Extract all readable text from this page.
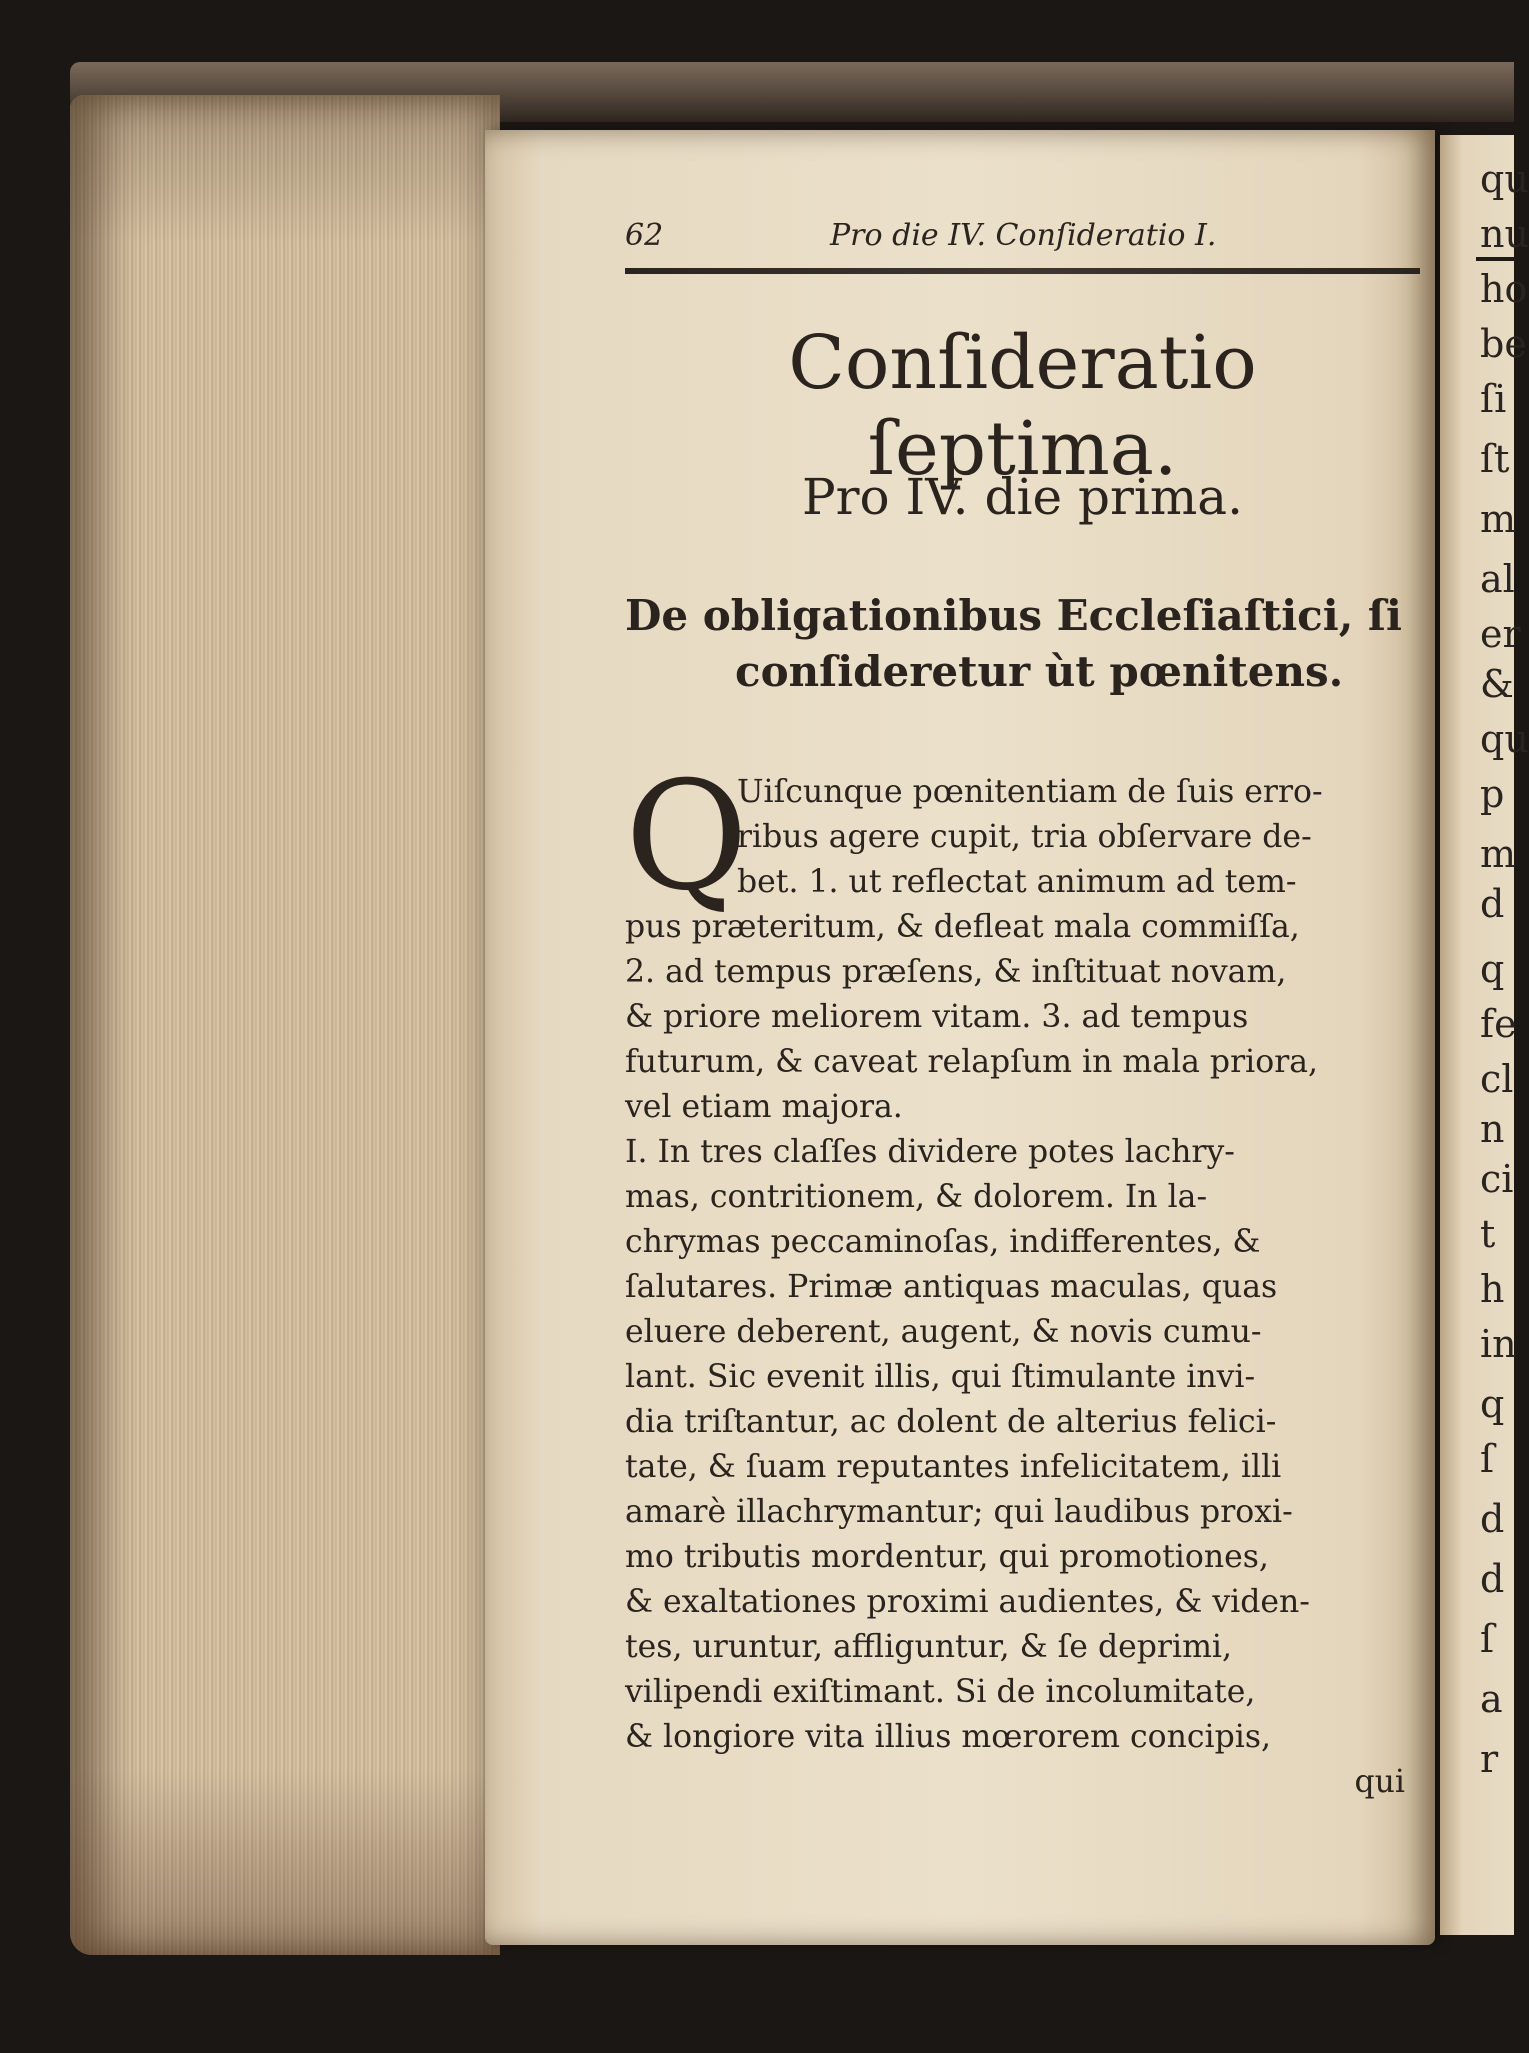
qu
nu
ho
be
ſi
ſt
m
al
er
&
qu
p
m
d
q
fe
cl
n
ci
t
h
in
q
ſ
d
d
ſ
a
r
62	Pro die IV. Conſideratio I.
Conſideratio ſeptima.
Pro IV. die prima.
De obligationibus Eccleſiaſtici, ſi
conſideretur ùt pœnitens.
Q
Uiſcunque pœnitentiam de ſuis erro-
ribus agere cupit, tria obſervare de-
bet. 1. ut reflectat animum ad tem-
pus præteritum, & defleat mala commiſſa,
2. ad tempus præſens, & inſtituat novam,
& priore meliorem vitam. 3. ad tempus
futurum, & caveat relapſum in mala priora,
vel etiam majora.
I. In tres claſſes dividere potes lachry-
mas, contritionem, & dolorem. In la-
chrymas peccaminoſas, indifferentes, &
ſalutares. Primæ antiquas maculas, quas
eluere deberent, augent, & novis cumu-
lant. Sic evenit illis, qui ſtimulante invi-
dia triſtantur, ac dolent de alterius felici-
tate, & ſuam reputantes infelicitatem, illi
amarè illachrymantur; qui laudibus proxi-
mo tributis mordentur, qui promotiones,
& exaltationes proximi audientes, & viden-
tes, uruntur, affliguntur, & ſe deprimi,
vilipendi exiſtimant. Si de incolumitate,
& longiore vita illius mœrorem concipis,
qui
